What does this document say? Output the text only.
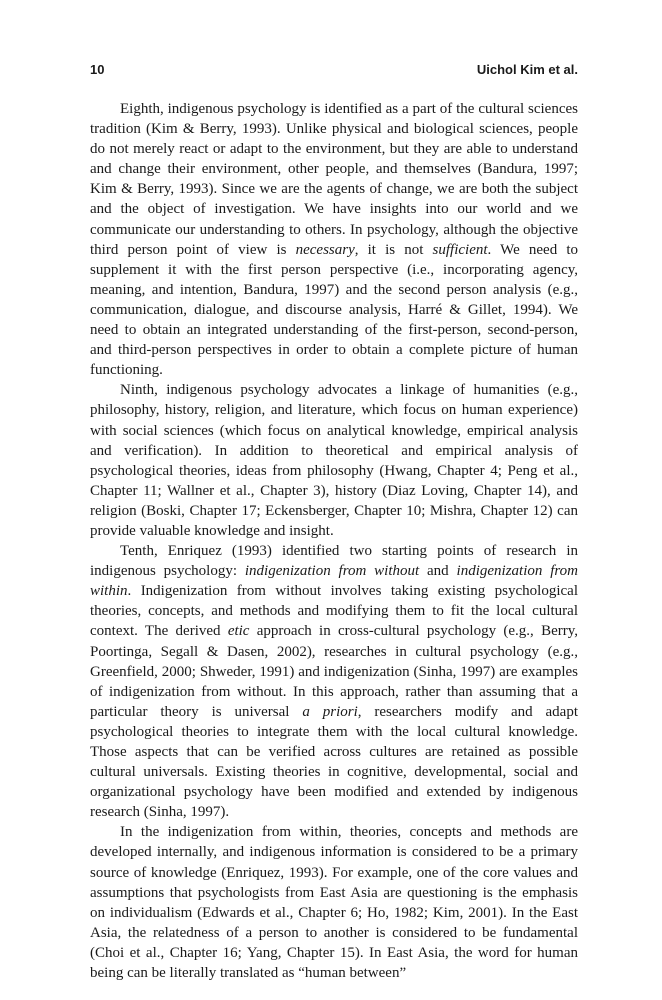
10	Uichol Kim et al.

Eighth, indigenous psychology is identified as a part of the cultural sciences tradition (Kim & Berry, 1993). Unlike physical and biological sciences, people do not merely react or adapt to the environment, but they are able to understand and change their environment, other people, and themselves (Bandura, 1997; Kim & Berry, 1993). Since we are the agents of change, we are both the subject and the object of investigation. We have insights into our world and we communicate our understanding to others. In psychology, although the objective third person point of view is necessary, it is not sufficient. We need to supplement it with the first person perspective (i.e., incorporating agency, meaning, and intention, Bandura, 1997) and the second person analysis (e.g., communication, dialogue, and discourse analysis, Harré & Gillet, 1994). We need to obtain an integrated understanding of the first-person, second-person, and third-person perspectives in order to obtain a complete picture of human functioning.

Ninth, indigenous psychology advocates a linkage of humanities (e.g., philosophy, history, religion, and literature, which focus on human experience) with social sciences (which focus on analytical knowledge, empirical analysis and verification). In addition to theoretical and empirical analysis of psychological theories, ideas from philosophy (Hwang, Chapter 4; Peng et al., Chapter 11; Wallner et al., Chapter 3), history (Diaz Loving, Chapter 14), and religion (Boski, Chapter 17; Eckensberger, Chapter 10; Mishra, Chapter 12) can provide valuable knowledge and insight.

Tenth, Enriquez (1993) identified two starting points of research in indigenous psychology: indigenization from without and indigenization from within. Indigenization from without involves taking existing psychological theories, concepts, and methods and modifying them to fit the local cultural context. The derived etic approach in cross-cultural psychology (e.g., Berry, Poortinga, Segall & Dasen, 2002), researches in cultural psychology (e.g., Greenfield, 2000; Shweder, 1991) and indigenization (Sinha, 1997) are examples of indigenization from without. In this approach, rather than assuming that a particular theory is universal a priori, researchers modify and adapt psychological theories to integrate them with the local cultural knowledge. Those aspects that can be verified across cultures are retained as possible cultural universals. Existing theories in cognitive, developmental, social and organizational psychology have been modified and extended by indigenous research (Sinha, 1997).

In the indigenization from within, theories, concepts and methods are developed internally, and indigenous information is considered to be a primary source of knowledge (Enriquez, 1993). For example, one of the core values and assumptions that psychologists from East Asia are questioning is the emphasis on individualism (Edwards et al., Chapter 6; Ho, 1982; Kim, 2001). In the East Asia, the relatedness of a person to another is considered to be fundamental (Choi et al., Chapter 16; Yang, Chapter 15). In East Asia, the word for human being can be literally translated as “human between”
